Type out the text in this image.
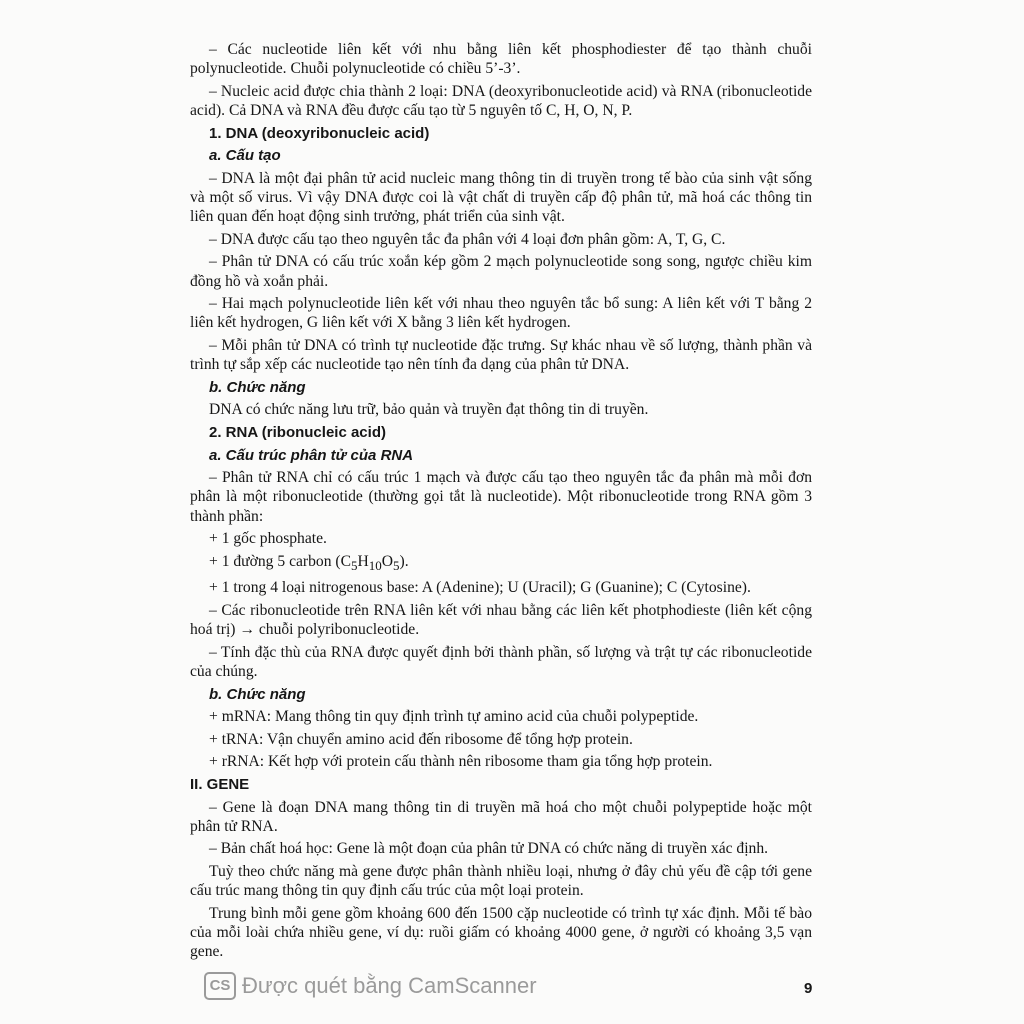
– Các nucleotide liên kết với nhu bằng liên kết phosphodiester để tạo thành chuỗi polynucleotide. Chuỗi polynucleotide có chiều 5’-3’.

– Nucleic acid được chia thành 2 loại: DNA (deoxyribonucleotide acid) và RNA (ribonucleotide acid). Cả DNA và RNA đều được cấu tạo từ 5 nguyên tố C, H, O, N, P.

1. DNA (deoxyribonucleic acid)
a. Cấu tạo

– DNA là một đại phân tử acid nucleic mang thông tin di truyền trong tế bào của sinh vật sống và một số virus. Vì vậy DNA được coi là vật chất di truyền cấp độ phân tử, mã hoá các thông tin liên quan đến hoạt động sinh trưởng, phát triển của sinh vật.

– DNA được cấu tạo theo nguyên tắc đa phân với 4 loại đơn phân gồm: A, T, G, C.

– Phân tử DNA có cấu trúc xoắn kép gồm 2 mạch polynucleotide song song, ngược chiều kim đồng hồ và xoắn phải.

– Hai mạch polynucleotide liên kết với nhau theo nguyên tắc bổ sung: A liên kết với T bằng 2 liên kết hydrogen, G liên kết với X bằng 3 liên kết hydrogen.

– Mỗi phân tử DNA có trình tự nucleotide đặc trưng. Sự khác nhau về số lượng, thành phần và trình tự sắp xếp các nucleotide tạo nên tính đa dạng của phân tử DNA.

b. Chức năng

DNA có chức năng lưu trữ, bảo quản và truyền đạt thông tin di truyền.

2. RNA (ribonucleic acid)
a. Cấu trúc phân tử của RNA

– Phân tử RNA chỉ có cấu trúc 1 mạch và được cấu tạo theo nguyên tắc đa phân mà mỗi đơn phân là một ribonucleotide (thường gọi tắt là nucleotide). Một ribonucleotide trong RNA gồm 3 thành phần:

+ 1 gốc phosphate.

+ 1 đường 5 carbon $(C_5H_{10}O_5)$.

+ 1 trong 4 loại nitrogenous base: A (Adenine); U (Uracil); G (Guanine); C (Cytosine).

– Các ribonucleotide trên RNA liên kết với nhau bằng các liên kết photphodieste (liên kết cộng hoá trị) → chuỗi polyribonucleotide.

– Tính đặc thù của RNA được quyết định bởi thành phần, số lượng và trật tự các ribonucleotide của chúng.

b. Chức năng

+ mRNA: Mang thông tin quy định trình tự amino acid của chuỗi polypeptide.

+ tRNA: Vận chuyển amino acid đến ribosome để tổng hợp protein.

+ rRNA: Kết hợp với protein cấu thành nên ribosome tham gia tổng hợp protein.

II. GENE

– Gene là đoạn DNA mang thông tin di truyền mã hoá cho một chuỗi polypeptide hoặc một phân tử RNA.

– Bản chất hoá học: Gene là một đoạn của phân tử DNA có chức năng di truyền xác định.

Tuỳ theo chức năng mà gene được phân thành nhiều loại, nhưng ở đây chủ yếu đề cập tới gene cấu trúc mang thông tin quy định cấu trúc của một loại protein.

Trung bình mỗi gene gồm khoảng 600 đến 1500 cặp nucleotide có trình tự xác định. Mỗi tế bào của mỗi loài chứa nhiều gene, ví dụ: ruồi giấm có khoảng 4000 gene, ở người có khoảng 3,5 vạn gene.

CS Được quét bằng CamScanner	9
